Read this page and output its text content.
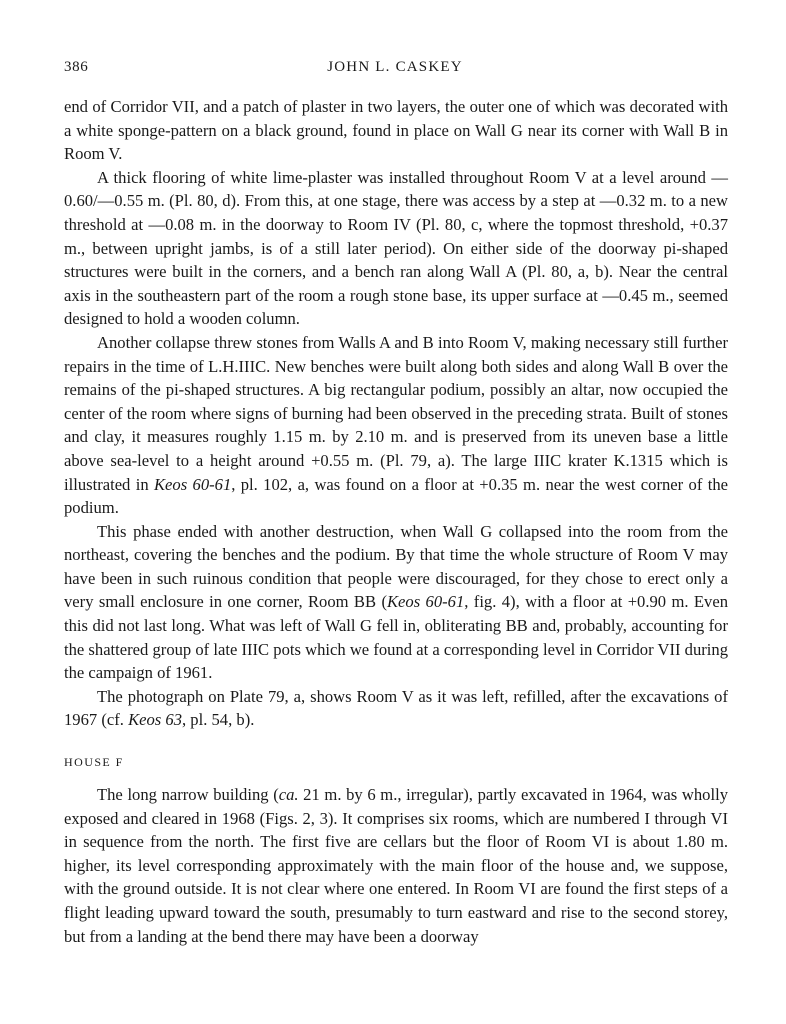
386	JOHN L. CASKEY

end of Corridor VII, and a patch of plaster in two layers, the outer one of which was decorated with a white sponge-pattern on a black ground, found in place on Wall G near its corner with Wall B in Room V.

A thick flooring of white lime-plaster was installed throughout Room V at a level around —0.60/—0.55 m. (Pl. 80, d). From this, at one stage, there was access by a step at —0.32 m. to a new threshold at —0.08 m. in the doorway to Room IV (Pl. 80, c, where the topmost threshold, +0.37 m., between upright jambs, is of a still later period). On either side of the doorway pi-shaped structures were built in the corners, and a bench ran along Wall A (Pl. 80, a, b). Near the central axis in the southeastern part of the room a rough stone base, its upper surface at —0.45 m., seemed designed to hold a wooden column.

Another collapse threw stones from Walls A and B into Room V, making necessary still further repairs in the time of L.H.IIIC. New benches were built along both sides and along Wall B over the remains of the pi-shaped structures. A big rectangular podium, possibly an altar, now occupied the center of the room where signs of burning had been observed in the preceding strata. Built of stones and clay, it measures roughly 1.15 m. by 2.10 m. and is preserved from its uneven base a little above sea-level to a height around +0.55 m. (Pl. 79, a). The large IIIC krater K.1315 which is illustrated in Keos 60-61, pl. 102, a, was found on a floor at +0.35 m. near the west corner of the podium.

This phase ended with another destruction, when Wall G collapsed into the room from the northeast, covering the benches and the podium. By that time the whole structure of Room V may have been in such ruinous condition that people were discouraged, for they chose to erect only a very small enclosure in one corner, Room BB (Keos 60-61, fig. 4), with a floor at +0.90 m. Even this did not last long. What was left of Wall G fell in, obliterating BB and, probably, accounting for the shattered group of late IIIC pots which we found at a corresponding level in Corridor VII during the campaign of 1961.

The photograph on Plate 79, a, shows Room V as it was left, refilled, after the excavations of 1967 (cf. Keos 63, pl. 54, b).

HOUSE F

The long narrow building (ca. 21 m. by 6 m., irregular), partly excavated in 1964, was wholly exposed and cleared in 1968 (Figs. 2, 3). It comprises six rooms, which are numbered I through VI in sequence from the north. The first five are cellars but the floor of Room VI is about 1.80 m. higher, its level corresponding approximately with the main floor of the house and, we suppose, with the ground outside. It is not clear where one entered. In Room VI are found the first steps of a flight leading upward toward the south, presumably to turn eastward and rise to the second storey, but from a landing at the bend there may have been a doorway
